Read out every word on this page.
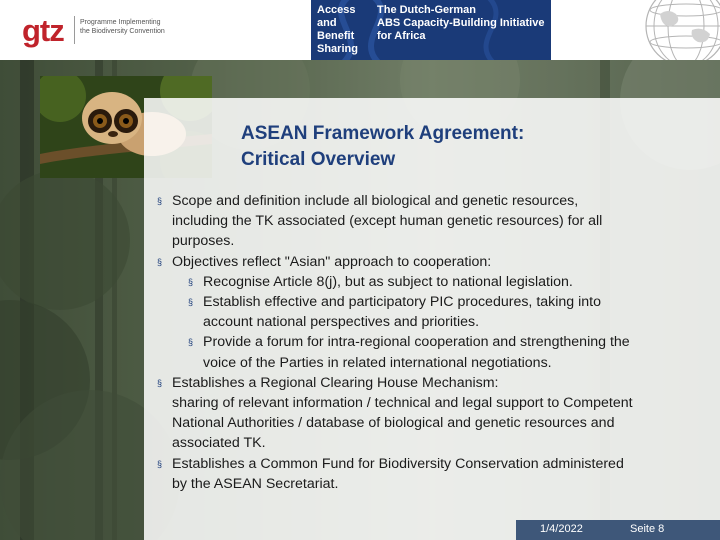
gtz Programme Implementing the Biodiversity Convention
Access
and
Benefit
Sharing
The Dutch-German
ABS Capacity-Building Initiative
for Africa
ASEAN Framework Agreement:
Critical Overview
§ Scope and definition include all biological and genetic resources,
including the TK associated (except human genetic resources) for all
purposes.
§ Objectives reflect "Asian" approach to cooperation:
§ Recognise Article 8(j), but as subject to national legislation.
§ Establish effective and participatory PIC procedures, taking into
account national perspectives and priorities.
§ Provide a forum for intra-regional cooperation and strengthening the
voice of the Parties in related international negotiations.
§ Establishes a Regional Clearing House Mechanism:
sharing of relevant information / technical and legal support to Competent
National Authorities / database of biological and genetic resources and
associated TK.
§ Establishes a Common Fund for Biodiversity Conservation administered
by the ASEAN Secretariat.
1/4/2022	Seite 8
